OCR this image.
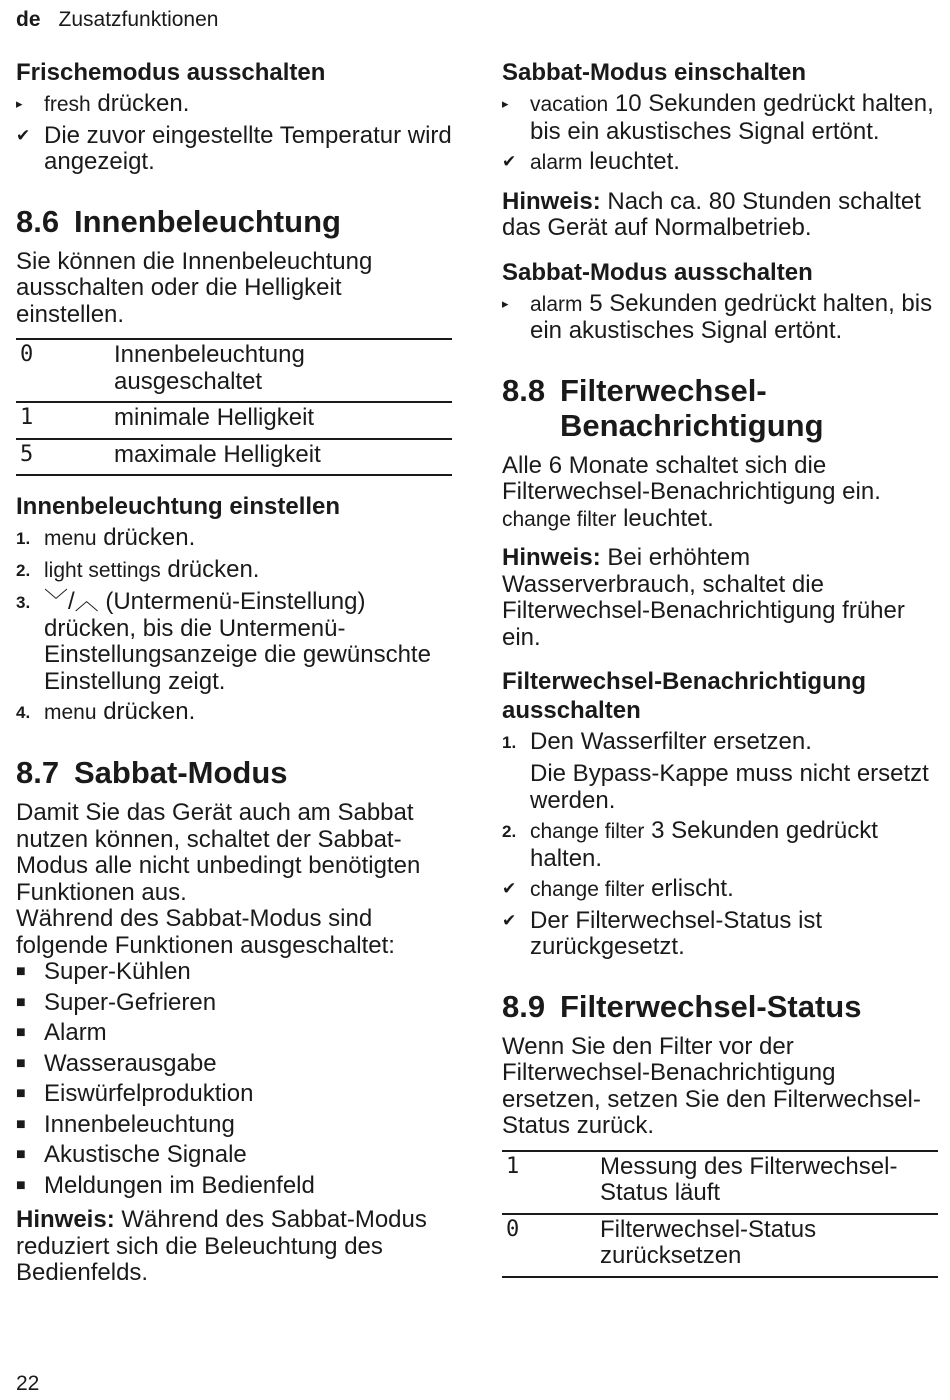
de Zusatzfunktionen

Frischemodus ausschalten

▸	fresh drücken.
✔ Die zuvor eingestellte Temperatur wird angezeigt.
8.6 Innenbeleuchtung

Sie können die Innenbeleuchtung ausschalten oder die Helligkeit einstellen.

0	Innenbeleuchtung ausgeschaltet
1	minimale Helligkeit
5	maximale Helligkeit

Innenbeleuchtung einstellen

1. menu drücken.
2. light settings drücken.
3. ﹀/︿ (Untermenü-Einstellung) drücken, bis die Untermenü-Einstellungsanzeige die gewünschte Einstellung zeigt.
4. menu drücken.
8.7 Sabbat-Modus

Damit Sie das Gerät auch am Sabbat nutzen können, schaltet der Sabbat-Modus alle nicht unbedingt benötigten Funktionen aus.

Während des Sabbat-Modus sind folgende Funktionen ausgeschaltet:

■ Super-Kühlen
■ Super-Gefrieren
■ Alarm
■ Wasserausgabe
■ Eiswürfelproduktion
■ Innenbeleuchtung
■ Akustische Signale
■ Meldungen im Bedienfeld

Hinweis: Während des Sabbat-Modus reduziert sich die Beleuchtung des Bedienfelds.

Sabbat-Modus einschalten

▸	vacation 10 Sekunden gedrückt halten, bis ein akustisches Signal ertönt.
✔ alarm leuchtet.

Hinweis: Nach ca. 80 Stunden schaltet das Gerät auf Normalbetrieb.

Sabbat-Modus ausschalten

▸	alarm 5 Sekunden gedrückt halten, bis ein akustisches Signal ertönt.
8.8 Filterwechsel-Benachrichtigung

Alle 6 Monate schaltet sich die Filterwechsel-Benachrichtigung ein.

change filter leuchtet.

Hinweis: Bei erhöhtem Wasserverbrauch, schaltet die Filterwechsel-Benachrichtigung früher ein.

Filterwechsel-Benachrichtigung ausschalten

1. Den Wasserfilter ersetzen.
Die Bypass-Kappe muss nicht ersetzt werden.
2. change filter 3 Sekunden gedrückt halten.
✔ change filter erlischt.
✔ Der Filterwechsel-Status ist zurückgesetzt.
8.9 Filterwechsel-Status

Wenn Sie den Filter vor der Filterwechsel-Benachrichtigung ersetzen, setzen Sie den Filterwechsel-Status zurück.

1	Messung des Filterwechsel-Status läuft
0	Filterwechsel-Status zurücksetzen
22
